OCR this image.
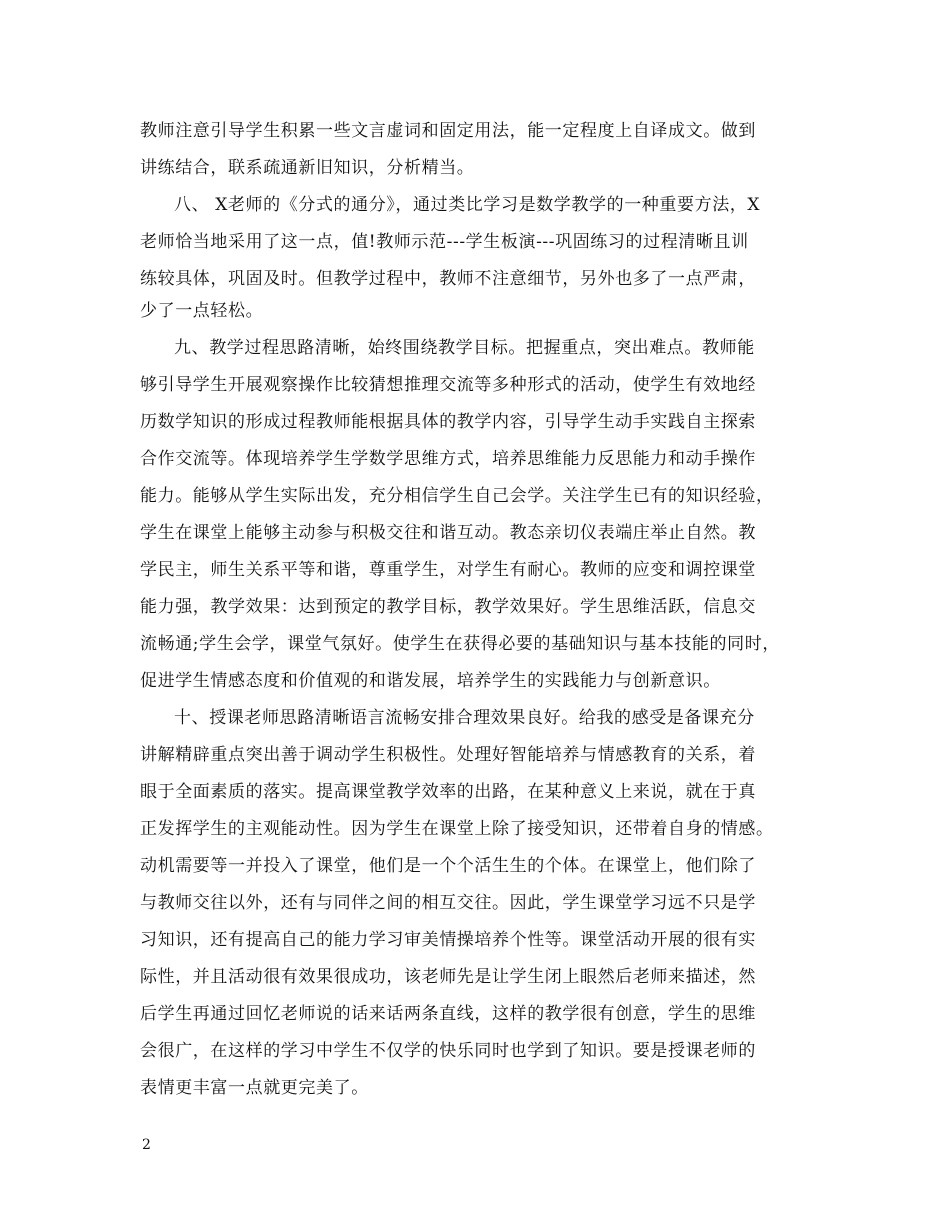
教师注意引导学生积累一些文言虚词和固定用法，能一定程度上自译成文。做到
讲练结合，联系疏通新旧知识，分析精当。
八、 X老师的《分式的通分》，通过类比学习是数学教学的一种重要方法，X
老师恰当地采用了这一点，值!教师示范---学生板演---巩固练习的过程清晰且训
练较具体，巩固及时。但教学过程中，教师不注意细节，另外也多了一点严肃，
少了一点轻松。
九、教学过程思路清晰，始终围绕教学目标。把握重点，突出难点。教师能
够引导学生开展观察操作比较猜想推理交流等多种形式的活动，使学生有效地经
历数学知识的形成过程教师能根据具体的教学内容，引导学生动手实践自主探索
合作交流等。体现培养学生学数学思维方式，培养思维能力反思能力和动手操作
能力。能够从学生实际出发，充分相信学生自己会学。关注学生已有的知识经验，
学生在课堂上能够主动参与积极交往和谐互动。教态亲切仪表端庄举止自然。教
学民主，师生关系平等和谐，尊重学生，对学生有耐心。教师的应变和调控课堂
能力强，教学效果：达到预定的教学目标，教学效果好。学生思维活跃，信息交
流畅通;学生会学，课堂气氛好。使学生在获得必要的基础知识与基本技能的同时，
促进学生情感态度和价值观的和谐发展，培养学生的实践能力与创新意识。
十、授课老师思路清晰语言流畅安排合理效果良好。给我的感受是备课充分
讲解精辟重点突出善于调动学生积极性。处理好智能培养与情感教育的关系，着
眼于全面素质的落实。提高课堂教学效率的出路，在某种意义上来说，就在于真
正发挥学生的主观能动性。因为学生在课堂上除了接受知识，还带着自身的情感。
动机需要等一并投入了课堂，他们是一个个活生生的个体。在课堂上，他们除了
与教师交往以外，还有与同伴之间的相互交往。因此，学生课堂学习远不只是学
习知识，还有提高自己的能力学习审美情操培养个性等。课堂活动开展的很有实
际性，并且活动很有效果很成功，该老师先是让学生闭上眼然后老师来描述，然
后学生再通过回忆老师说的话来话两条直线，这样的教学很有创意，学生的思维
会很广，在这样的学习中学生不仅学的快乐同时也学到了知识。要是授课老师的
表情更丰富一点就更完美了。
2
